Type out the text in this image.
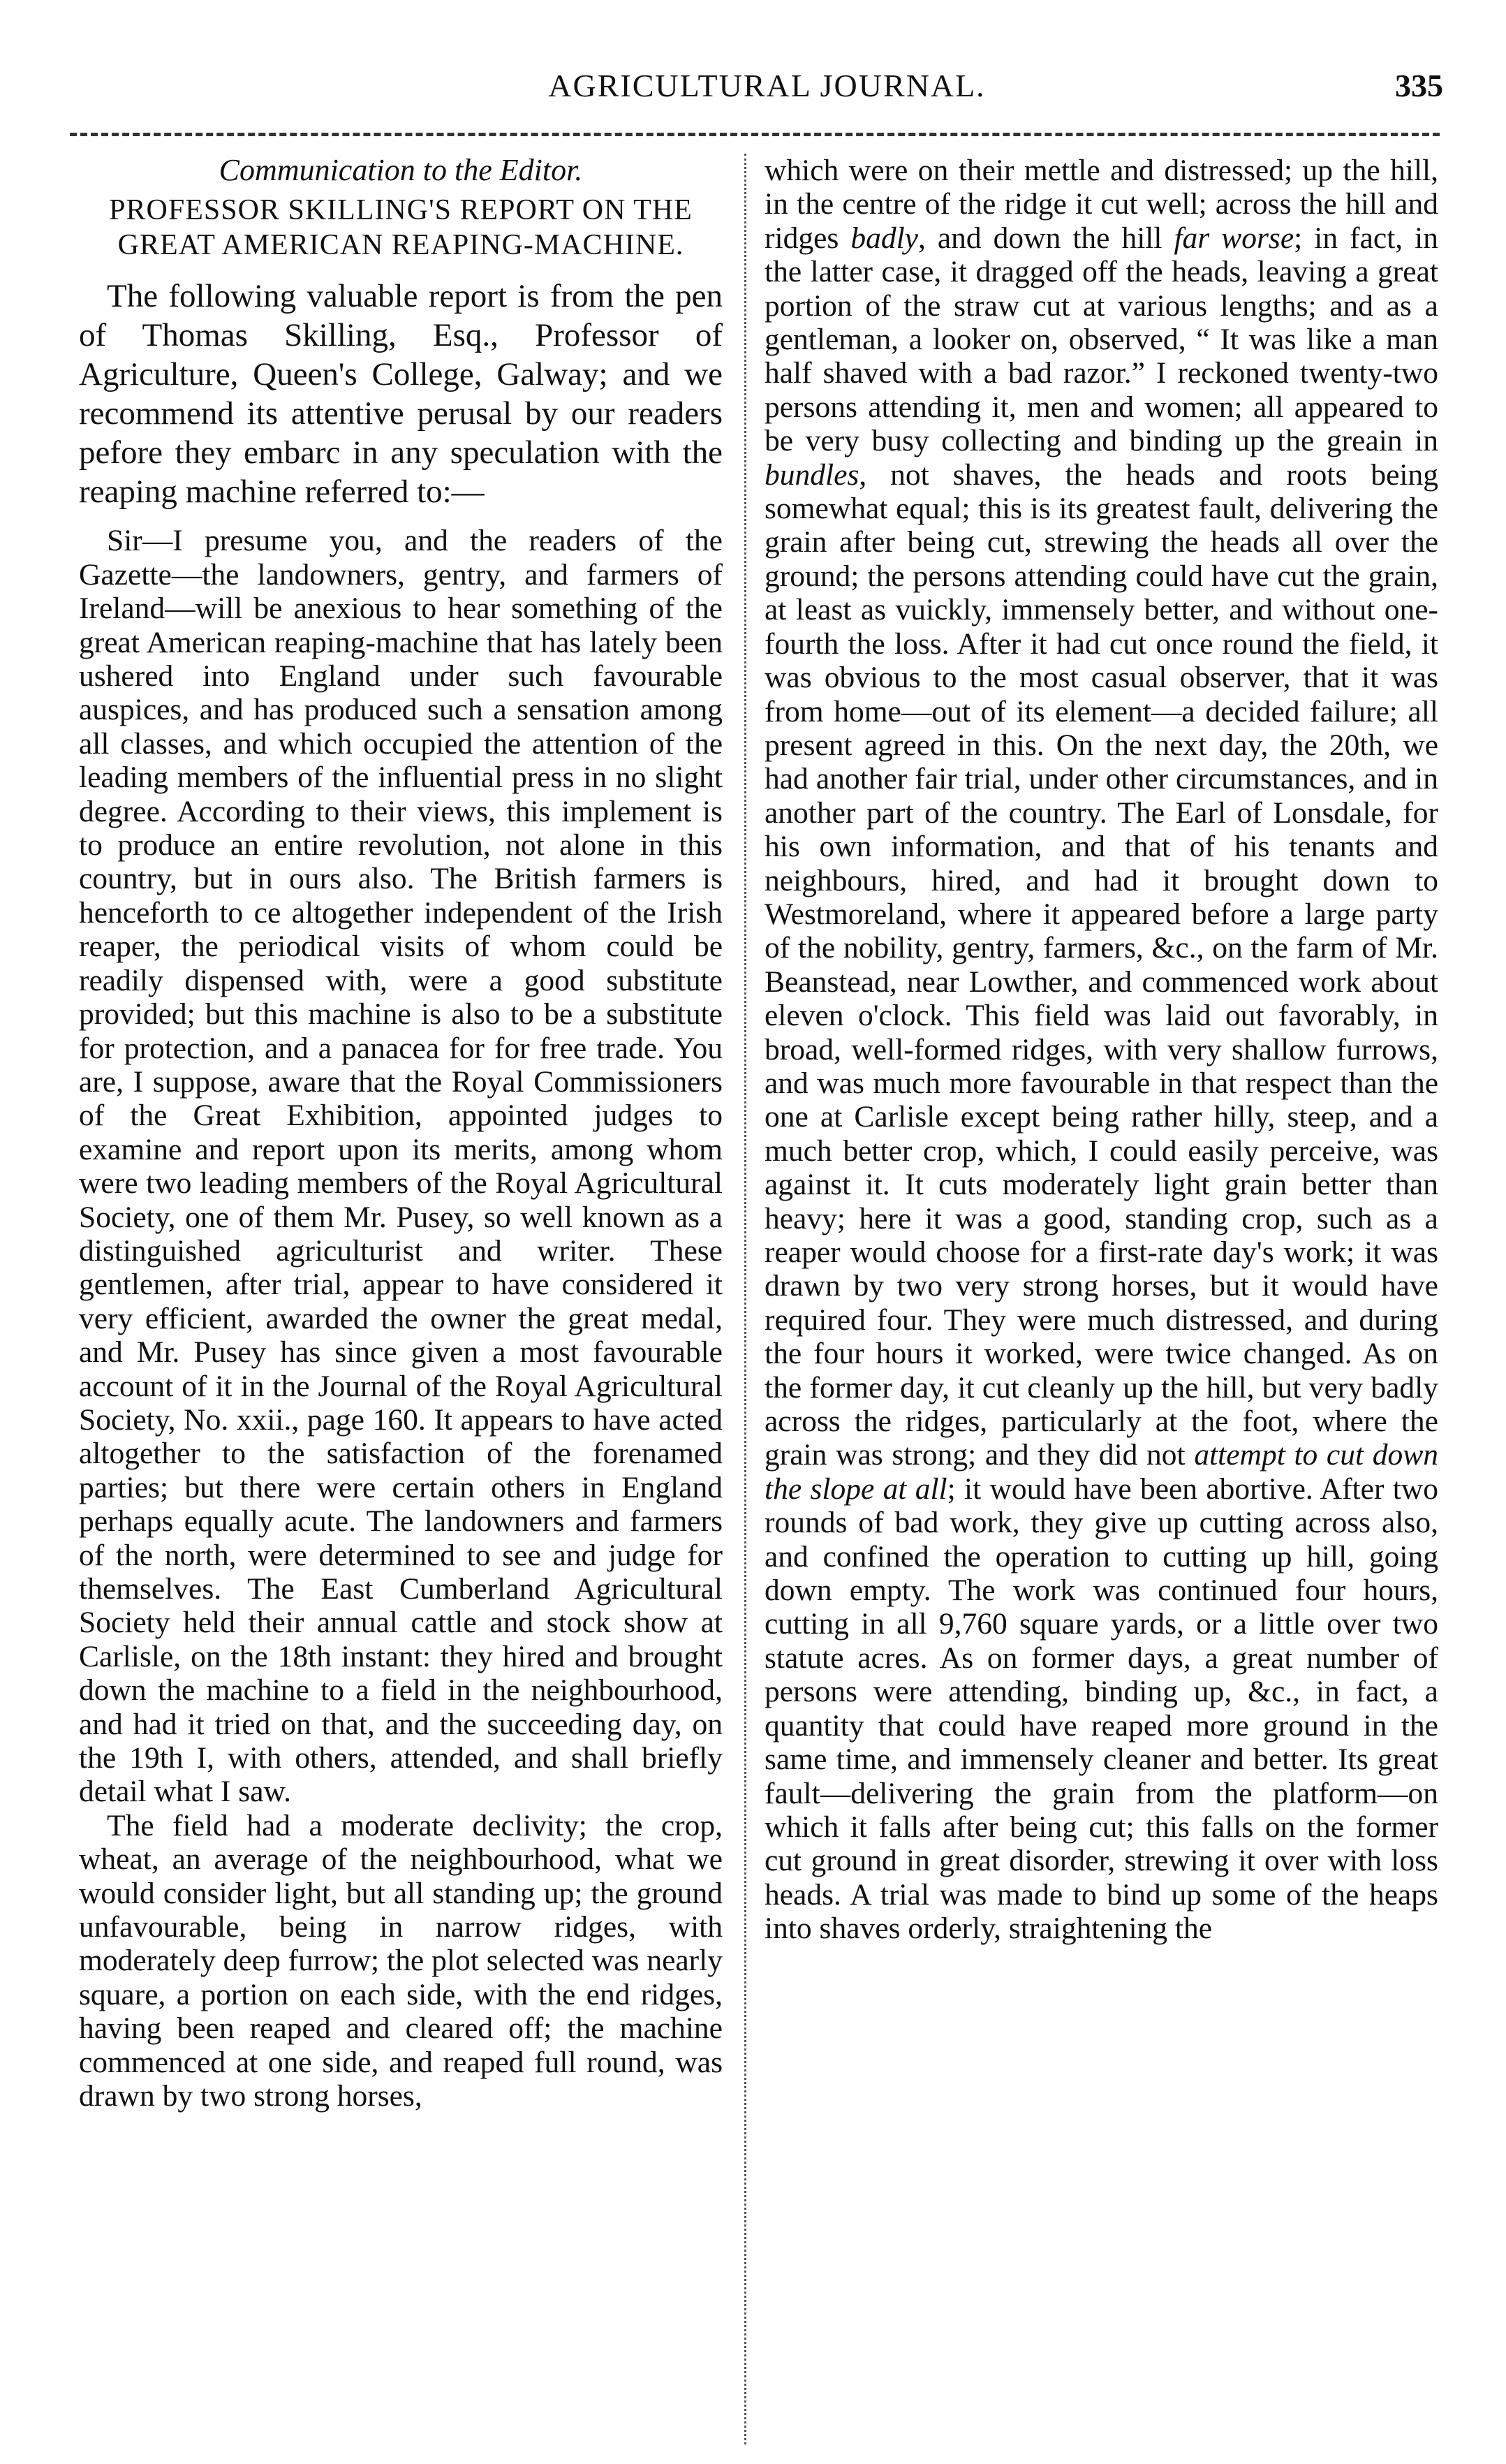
AGRICULTURAL JOURNAL.	335

Communication to the Editor.

PROFESSOR SKILLING'S REPORT ON THE GREAT AMERICAN REAPING-MACHINE.

The following valuable report is from the pen of Thomas Skilling, Esq., Professor of Agriculture, Queen's College, Galway; and we recommend its attentive perusal by our readers pefore they embarc in any speculation with the reaping machine referred to:—

Sir—I presume you, and the readers of the Gazette—the landowners, gentry, and farmers of Ireland—will be anexious to hear something of the great American reaping-machine that has lately been ushered into England under such favourable auspices, and has produced such a sensation among all classes, and which occupied the attention of the leading members of the influential press in no slight degree. According to their views, this implement is to produce an entire revolution, not alone in this country, but in ours also. The British farmers is henceforth to ce altogether independent of the Irish reaper, the periodical visits of whom could be readily dispensed with, were a good substitute provided; but this machine is also to be a substitute for protection, and a panacea for for free trade. You are, I suppose, aware that the Royal Commissioners of the Great Exhibition, appointed judges to examine and report upon its merits, among whom were two leading members of the Royal Agricultural Society, one of them Mr. Pusey, so well known as a distinguished agriculturist and writer. These gentlemen, after trial, appear to have considered it very efficient, awarded the owner the great medal, and Mr. Pusey has since given a most favourable account of it in the Journal of the Royal Agricultural Society, No. xxii., page 160. It appears to have acted altogether to the satisfaction of the forenamed parties; but there were certain others in England perhaps equally acute. The landowners and farmers of the north, were determined to see and judge for themselves. The East Cumberland Agricultural Society held their annual cattle and stock show at Carlisle, on the 18th instant: they hired and brought down the machine to a field in the neighbourhood, and had it tried on that, and the succeeding day, on the 19th I, with others, attended, and shall briefly detail what I saw.

The field had a moderate declivity; the crop, wheat, an average of the neighbourhood, what we would consider light, but all standing up; the ground unfavourable, being in narrow ridges, with moderately deep furrow; the plot selected was nearly square, a portion on each side, with the end ridges, having been reaped and cleared off; the machine commenced at one side, and reaped full round, was drawn by two strong horses,

which were on their mettle and distressed; up the hill, in the centre of the ridge it cut well; across the hill and ridges badly, and down the hill far worse; in fact, in the latter case, it dragged off the heads, leaving a great portion of the straw cut at various lengths; and as a gentleman, a looker on, observed, “ It was like a man half shaved with a bad razor.” I reckoned twenty-two persons attending it, men and women; all appeared to be very busy collecting and binding up the greain in bundles, not shaves, the heads and roots being somewhat equal; this is its greatest fault, delivering the grain after being cut, strewing the heads all over the ground; the persons attending could have cut the grain, at least as vuickly, immensely better, and without one-fourth the loss. After it had cut once round the field, it was obvious to the most casual observer, that it was from home—out of its element—a decided failure; all present agreed in this. On the next day, the 20th, we had another fair trial, under other circumstances, and in another part of the country. The Earl of Lonsdale, for his own information, and that of his tenants and neighbours, hired, and had it brought down to Westmoreland, where it appeared before a large party of the nobility, gentry, farmers, &c., on the farm of Mr. Beanstead, near Lowther, and commenced work about eleven o'clock. This field was laid out favorably, in broad, well-formed ridges, with very shallow furrows, and was much more favourable in that respect than the one at Carlisle except being rather hilly, steep, and a much better crop, which, I could easily perceive, was against it. It cuts moderately light grain better than heavy; here it was a good, standing crop, such as a reaper would choose for a first-rate day's work; it was drawn by two very strong horses, but it would have required four. They were much distressed, and during the four hours it worked, were twice changed. As on the former day, it cut cleanly up the hill, but very badly across the ridges, particularly at the foot, where the grain was strong; and they did not attempt to cut down the slope at all; it would have been abortive. After two rounds of bad work, they give up cutting across also, and confined the operation to cutting up hill, going down empty. The work was continued four hours, cutting in all 9,760 square yards, or a little over two statute acres. As on former days, a great number of persons were attending, binding up, &c., in fact, a quantity that could have reaped more ground in the same time, and immensely cleaner and better. Its great fault—delivering the grain from the platform—on which it falls after being cut; this falls on the former cut ground in great disorder, strewing it over with loss heads. A trial was made to bind up some of the heaps into shaves orderly, straightening the
